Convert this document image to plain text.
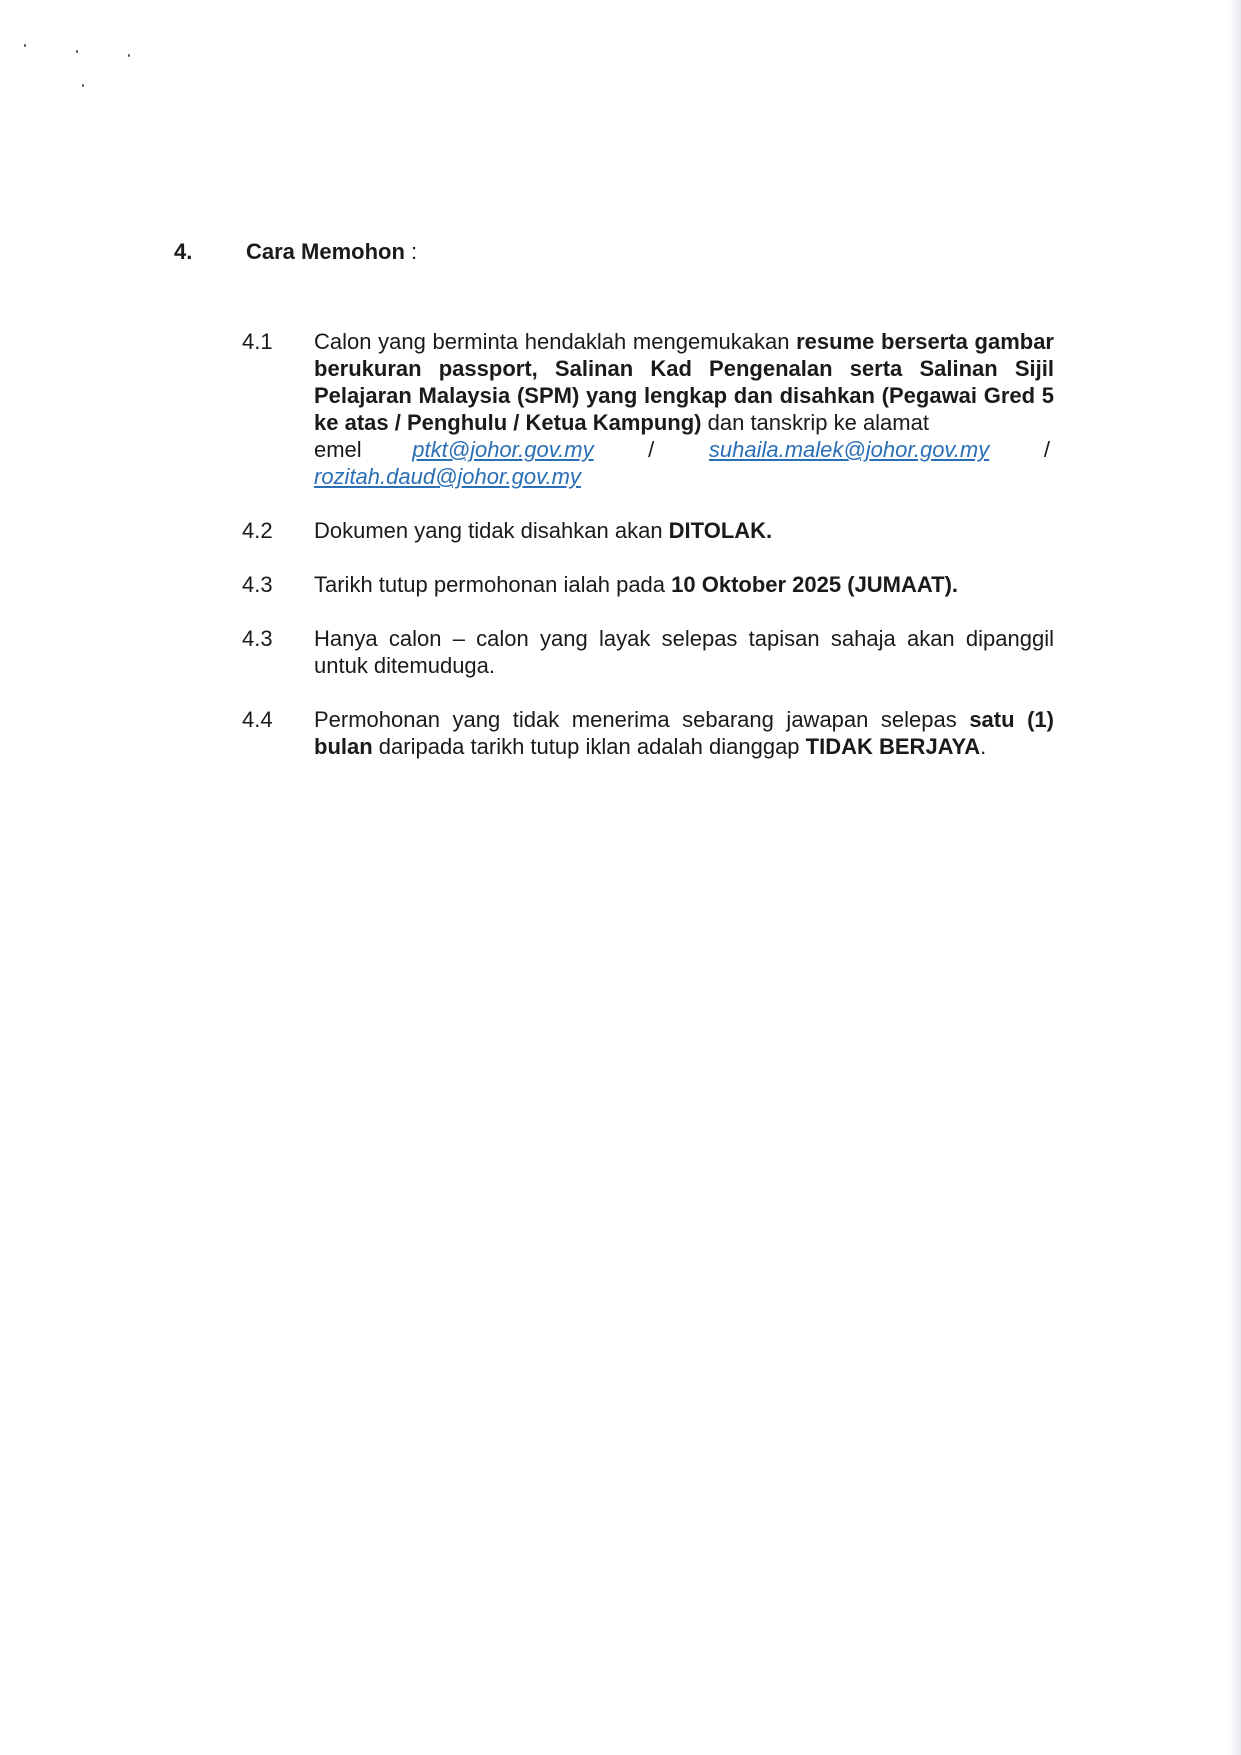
4.	Cara Memohon :
4.1	Calon yang berminta hendaklah mengemukakan resume berserta gambar berukuran passport, Salinan Kad Pengenalan serta Salinan Sijil Pelajaran Malaysia (SPM) yang lengkap dan disahkan (Pegawai Gred 5 ke atas / Penghulu / Ketua Kampung) dan tanskrip ke alamat
emel ptkt@johor.gov.my / suhaila.malek@johor.gov.my /
rozitah.daud@johor.gov.my
4.2	Dokumen yang tidak disahkan akan DITOLAK.
4.3	Tarikh tutup permohonan ialah pada 10 Oktober 2025 (JUMAAT).
4.3	Hanya calon – calon yang layak selepas tapisan sahaja akan dipanggil untuk ditemuduga.
4.4	Permohonan yang tidak menerima sebarang jawapan selepas satu (1) bulan daripada tarikh tutup iklan adalah dianggap TIDAK BERJAYA.
